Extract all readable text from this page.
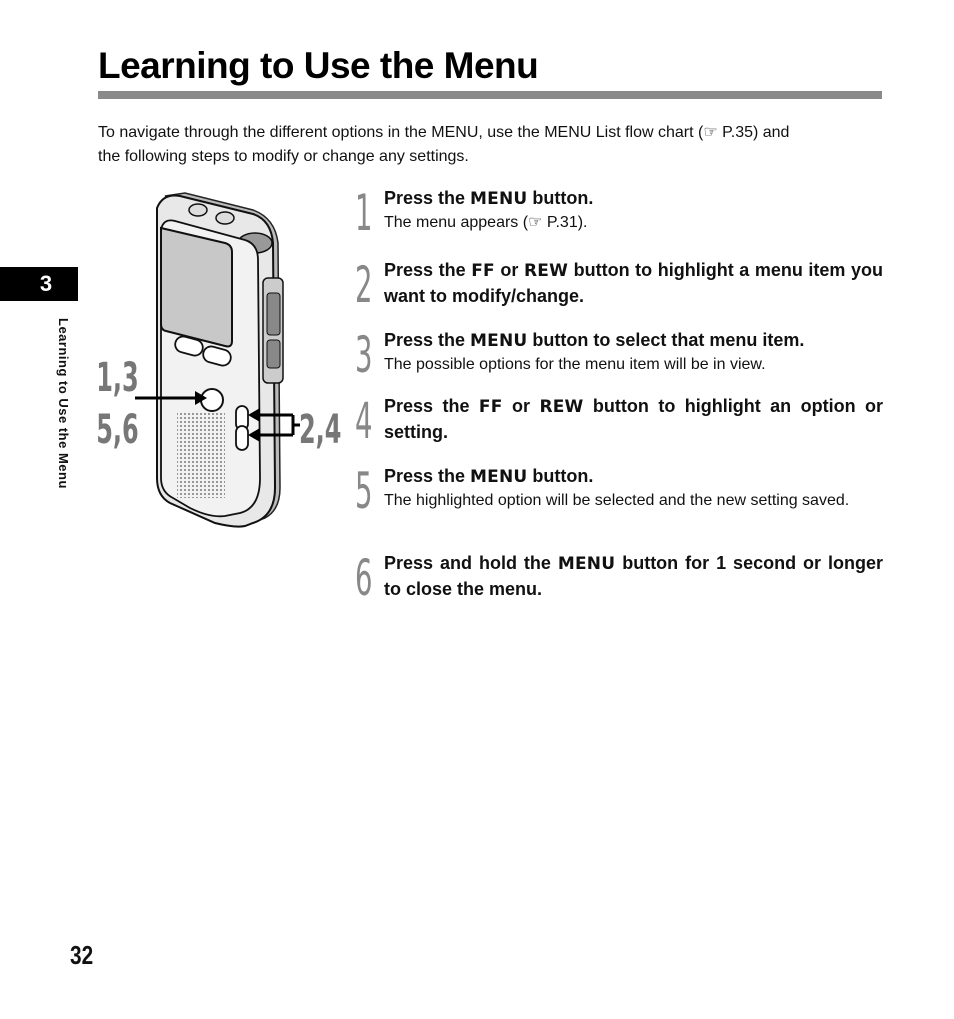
Learning to Use the Menu

To navigate through the different options in the MENU, use the MENU List flow chart (☞ P.35) and
the following steps to modify or change any settings.

3
Learning to Use the Menu 1,3
5,6	2,4
1 Press the MENU button.

The menu appears (☞ P.31).

2 Press the FF or REW button to highlight a menu item you want to modify/change.

3 Press the MENU button to select that menu item.

The possible options for the menu item will be in view.

4 Press the FF or REW button to highlight an option or setting.

5 Press the MENU button.

The highlighted option will be selected and the new setting saved.

6 Press and hold the MENU button for 1 second or longer to close the menu.

32
